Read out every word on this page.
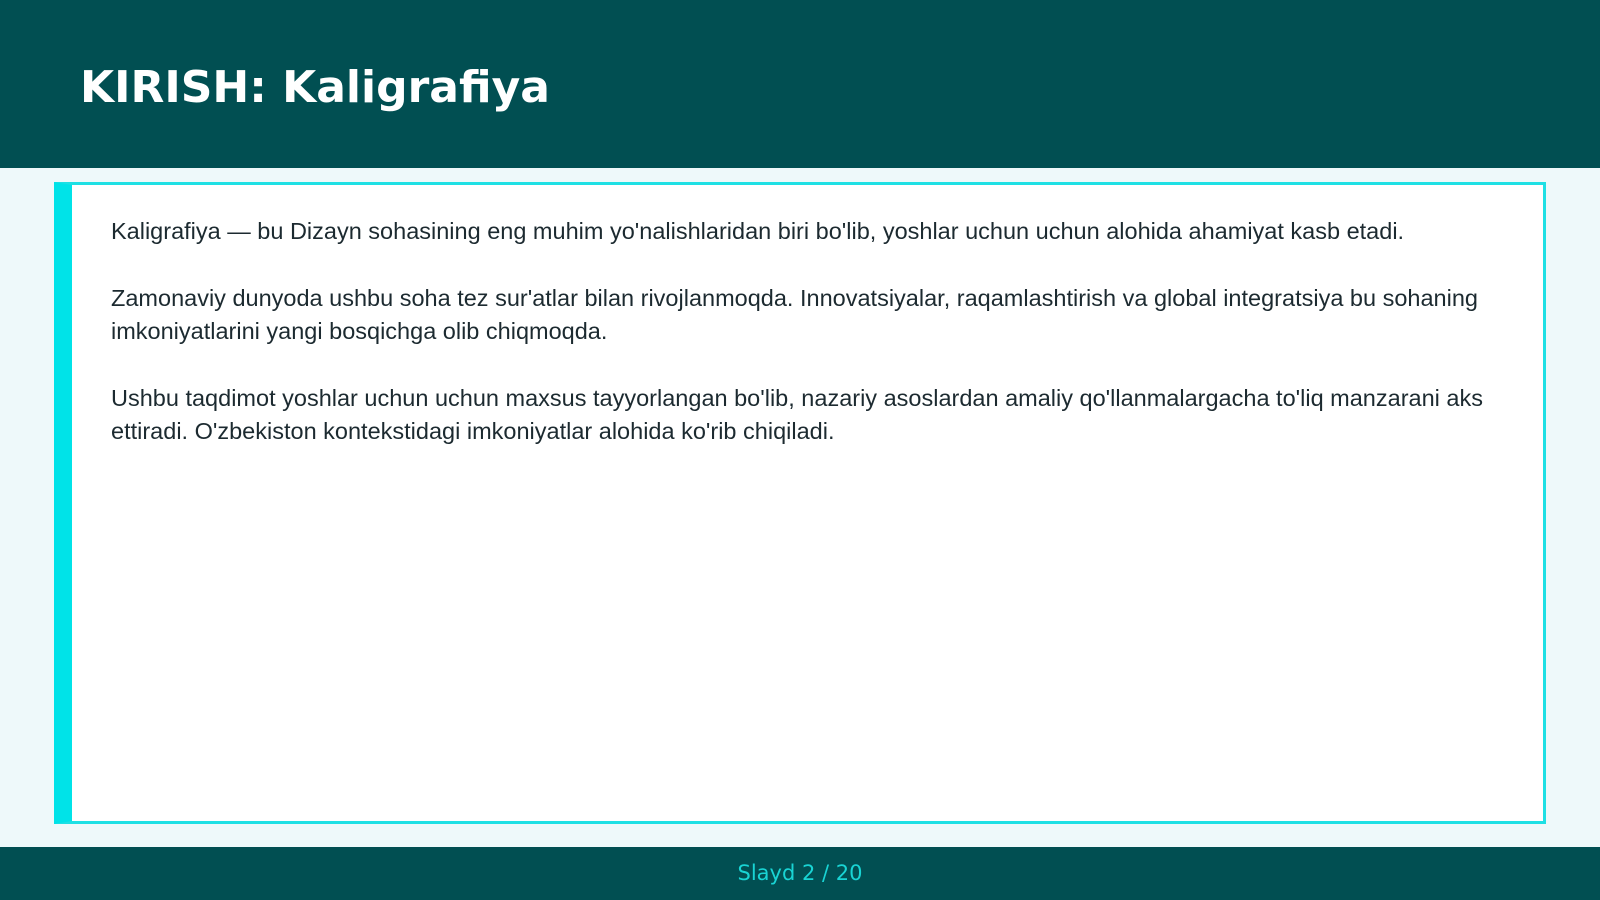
KIRISH: Kaligrafiya

Kaligrafiya — bu Dizayn sohasining eng muhim yo'nalishlaridan biri bo'lib, yoshlar uchun uchun alohida ahamiyat kasb etadi.

Zamonaviy dunyoda ushbu soha tez sur'atlar bilan rivojlanmoqda. Innovatsiyalar, raqamlashtirish va global integratsiya bu sohaning imkoniyatlarini yangi bosqichga olib chiqmoqda.

Ushbu taqdimot yoshlar uchun uchun maxsus tayyorlangan bo'lib, nazariy asoslardan amaliy qo'llanmalargacha to'liq manzarani aks ettiradi. O'zbekiston kontekstidagi imkoniyatlar alohida ko'rib chiqiladi.

Slayd 2 / 20
